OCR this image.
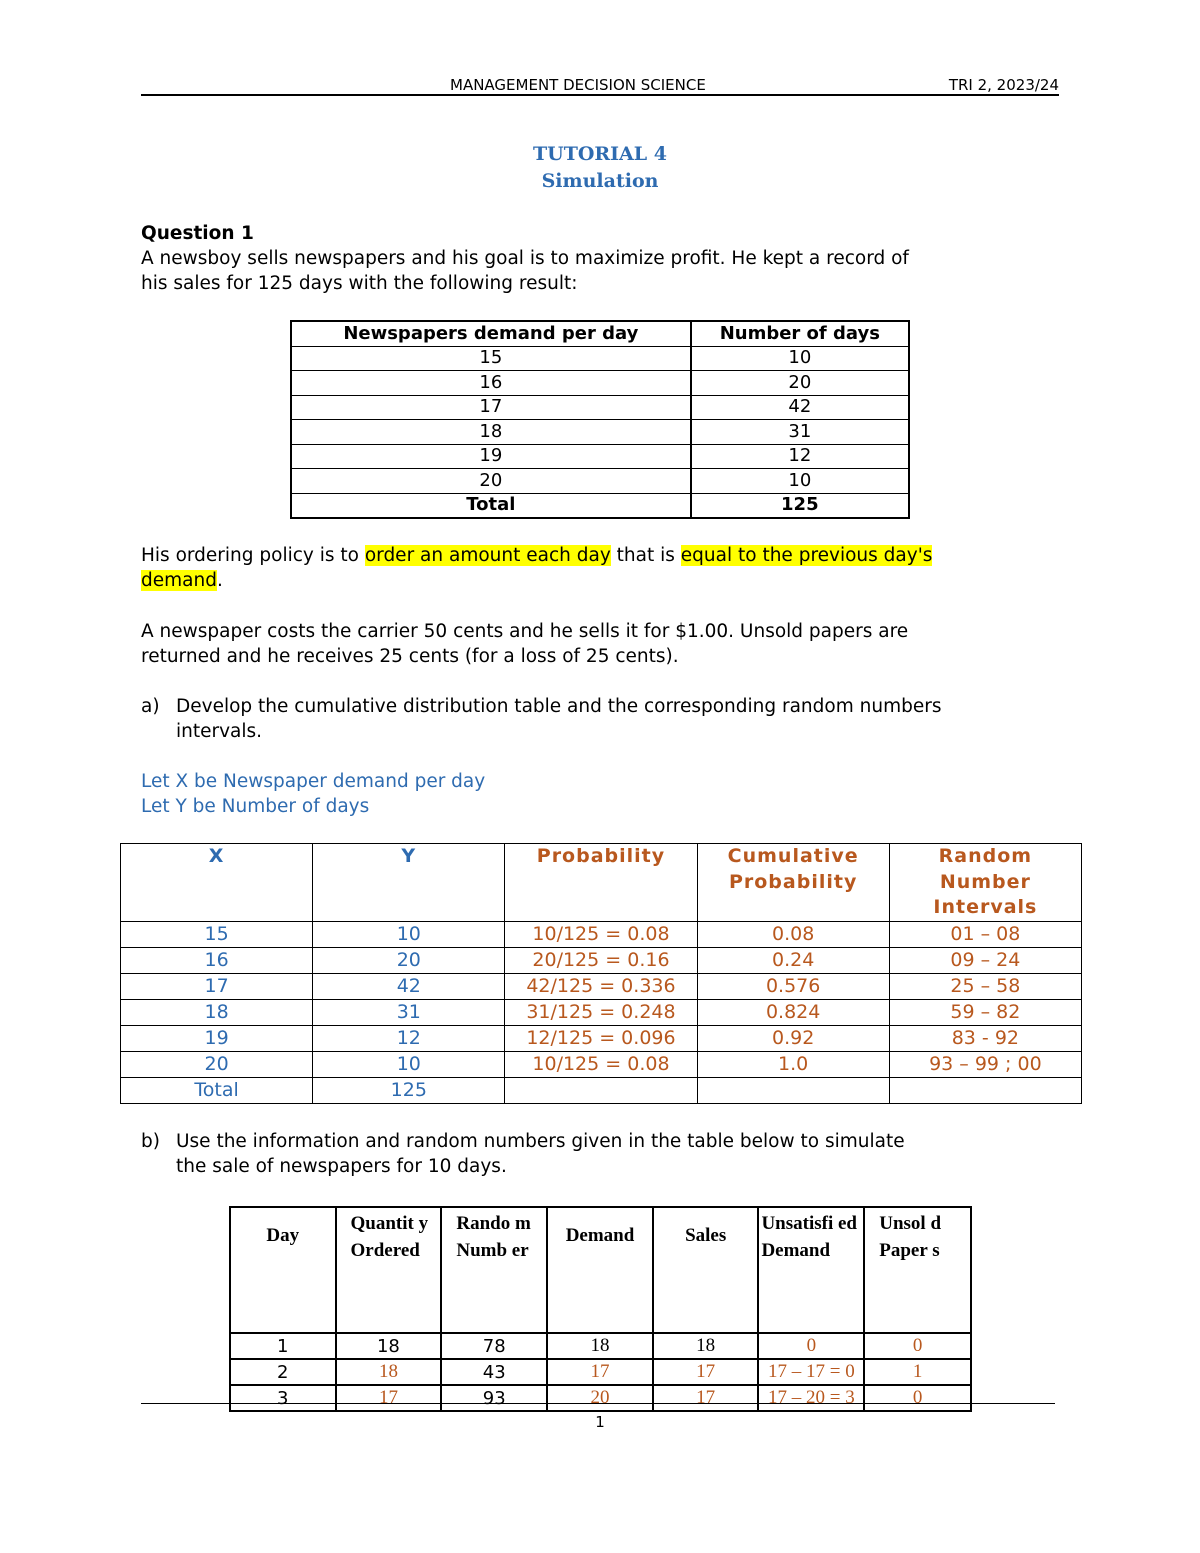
MANAGEMENT DECISION SCIENCE	TRI 2, 2023/24
TUTORIAL 4
Simulation
Question 1
A newsboy sells newspapers and his goal is to maximize profit. He kept a record of
his sales for 125 days with the following result:
Newspapers demand per day	Number of days
15	10
16	20
17	42
18	31
19	12
20	10
Total	125
His ordering policy is to order an amount each day that is equal to the previous day's
demand.
A newspaper costs the carrier 50 cents and he sells it for $1.00. Unsold papers are
returned and he receives 25 cents (for a loss of 25 cents).
a) Develop the cumulative distribution table and the corresponding random numbers
intervals.
Let X be Newspaper demand per day
Let Y be Number of days
X	Y	Probability	Cumulative Probability	Random Number Intervals
15	10	10/125 = 0.08	0.08	01 – 08
16	20	20/125 = 0.16	0.24	09 – 24
17	42	42/125 = 0.336	0.576	25 – 58
18	31	31/125 = 0.248	0.824	59 – 82
19	12	12/125 = 0.096	0.92	83 - 92
20	10	10/125 = 0.08	1.0	93 – 99 ; 00
Total	125			
b) Use the information and random numbers given in the table below to simulate
the sale of newspapers for 10 days.
Day	Quantit y Ordered	Rando m Numb er	Demand	Sales	Unsatisfi ed Demand	Unsol d Paper s
1	18	78	18	18	0	0
2	18	43	17	17	17 – 17 = 0	1
3	17	93	20	17	17 – 20 = 3	0
1
